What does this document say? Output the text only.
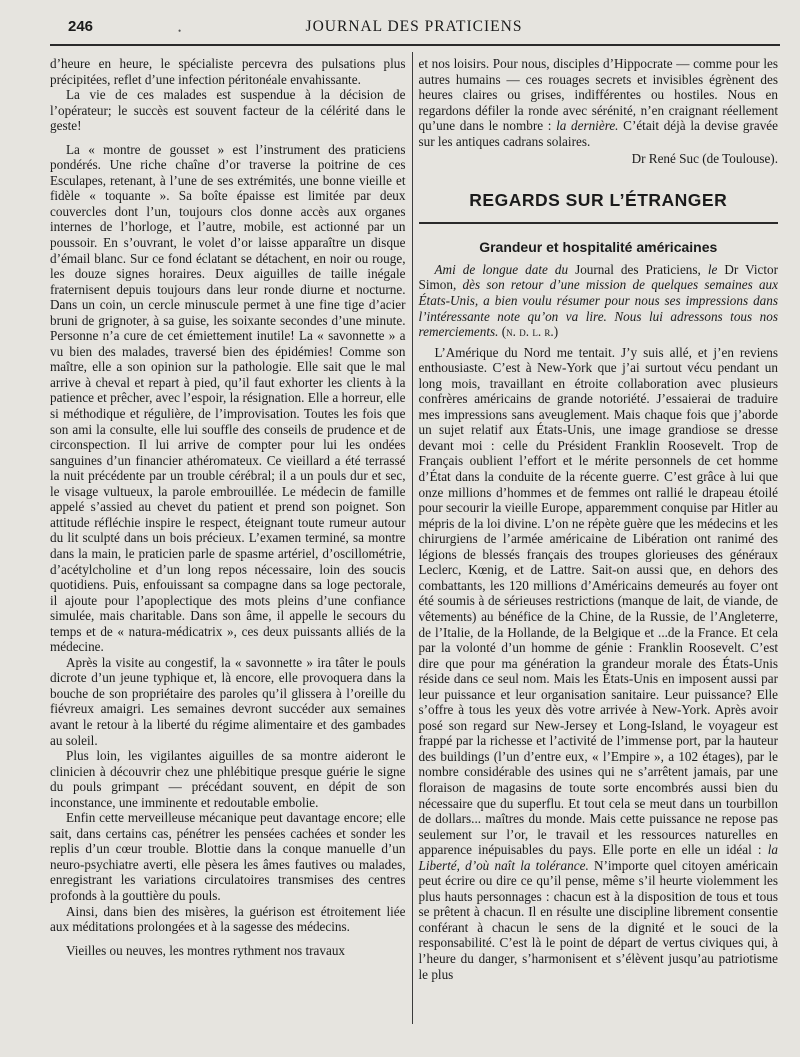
246	JOURNAL DES PRATICIENS
•

d’heure en heure, le spécialiste percevra des pulsations plus précipitées, reflet d’une infection péritonéale envahissante.

La vie de ces malades est suspendue à la décision de l’opérateur; le succès est souvent facteur de la célérité dans le geste!

La « montre de gousset » est l’instrument des praticiens pondérés. Une riche chaîne d’or traverse la poitrine de ces Esculapes, retenant, à l’une de ses extrémités, une bonne vieille et fidèle « toquante ». Sa boîte épaisse est limitée par deux couvercles dont l’un, toujours clos donne accès aux organes internes de l’horloge, et l’autre, mobile, est actionné par un poussoir. En s’ouvrant, le volet d’or laisse apparaître un disque d’émail blanc. Sur ce fond éclatant se détachent, en noir ou rouge, les douze signes horaires. Deux aiguilles de taille inégale fraternisent depuis toujours dans leur ronde diurne et nocturne. Dans un coin, un cercle minuscule permet à une fine tige d’acier bruni de grignoter, à sa guise, les soixante secondes d’une minute. Personne n’a cure de cet émiettement inutile! La « savonnette » a vu bien des malades, traversé bien des épidémies! Comme son maître, elle a son opinion sur la pathologie. Elle sait que le mal arrive à cheval et repart à pied, qu’il faut exhorter les clients à la patience et prêcher, avec l’espoir, la résignation. Elle a horreur, elle si méthodique et régulière, de l’improvisation. Toutes les fois que son ami la consulte, elle lui souffle des conseils de prudence et de circonspection. Il lui arrive de compter pour lui les ondées sanguines d’un financier athéromateux. Ce vieillard a été terrassé la nuit précédente par un trouble cérébral; il a un pouls dur et sec, le visage vultueux, la parole embrouillée. Le médecin de famille appelé s’assied au chevet du patient et prend son poignet. Son attitude réfléchie inspire le respect, éteignant toute rumeur autour du lit sculpté dans un bois précieux. L’examen terminé, sa montre dans la main, le praticien parle de spasme artériel, d’oscillométrie, d’acétylcholine et d’un long repos nécessaire, loin des soucis quotidiens. Puis, enfouissant sa compagne dans sa loge pectorale, il ajoute pour l’apoplectique des mots pleins d’une confiance simulée, mais charitable. Dans son âme, il appelle le secours du temps et de « natura-médicatrix », ces deux puissants alliés de la médecine.

Après la visite au congestif, la « savonnette » ira tâter le pouls dicrote d’un jeune typhique et, là encore, elle provoquera dans la bouche de son propriétaire des paroles qu’il glissera à l’oreille du fiévreux amaigri. Les semaines devront succéder aux semaines avant le retour à la liberté du régime alimentaire et des gambades au soleil.

Plus loin, les vigilantes aiguilles de sa montre aideront le clinicien à découvrir chez une phlébitique presque guérie le signe du pouls grimpant — précédant souvent, en dépit de son inconstance, une imminente et redoutable embolie.

Enfin cette merveilleuse mécanique peut davantage encore; elle sait, dans certains cas, pénétrer les pensées cachées et sonder les replis d’un cœur trouble. Blottie dans la conque manuelle d’un neuro-psychiatre averti, elle pèsera les âmes fautives ou malades, enregistrant les variations circulatoires transmises des centres profonds à la gouttière du pouls.

Ainsi, dans bien des misères, la guérison est étroitement liée aux méditations prolongées et à la sagesse des médecins.

Vieilles ou neuves, les montres rythment nos travaux

et nos loisirs. Pour nous, disciples d’Hippocrate — comme pour les autres humains — ces rouages secrets et invisibles égrènent des heures claires ou grises, indifférentes ou hostiles. Nous en regardons défiler la ronde avec sérénité, n’en craignant réellement qu’une dans le nombre : la dernière. C’était déjà la devise gravée sur les antiques cadrans solaires.

Dr René Suc (de Toulouse).

REGARDS SUR L’ÉTRANGER
Grandeur et hospitalité américaines

Ami de longue date du Journal des Praticiens, le Dr Victor Simon, dès son retour d’une mission de quelques semaines aux États-Unis, a bien voulu résumer pour nous ses impressions dans l’intéressante note qu’on va lire. Nous lui adressons tous nos remerciements. (n. d. l. r.)

L’Amérique du Nord me tentait. J’y suis allé, et j’en reviens enthousiaste. C’est à New-York que j’ai surtout vécu pendant un long mois, travaillant en étroite collaboration avec plusieurs confrères américains de grande notoriété. J’essaierai de traduire mes impressions sans aveuglement. Mais chaque fois que j’aborde un sujet relatif aux États-Unis, une image grandiose se dresse devant moi : celle du Président Franklin Roosevelt. Trop de Français oublient l’effort et le mérite personnels de cet homme d’État dans la conduite de la récente guerre. C’est grâce à lui que onze millions d’hommes et de femmes ont rallié le drapeau étoilé pour secourir la vieille Europe, apparemment conquise par Hitler au mépris de la loi divine. L’on ne répète guère que les médecins et les chirurgiens de l’armée américaine de Libération ont ranimé des légions de blessés français des troupes glorieuses des généraux Leclerc, Kœnig, et de Lattre. Sait-on aussi que, en dehors des combattants, les 120 millions d’Américains demeurés au foyer ont été soumis à de sérieuses restrictions (manque de lait, de viande, de vêtements) au bénéfice de la Chine, de la Russie, de l’Angleterre, de l’Italie, de la Hollande, de la Belgique et ...de la France. Et cela par la volonté d’un homme de génie : Franklin Roosevelt. C’est dire que pour ma génération la grandeur morale des États-Unis réside dans ce seul nom. Mais les États-Unis en imposent aussi par leur puissance et leur organisation sanitaire. Leur puissance? Elle s’offre à tous les yeux dès votre arrivée à New-York. Après avoir posé son regard sur New-Jersey et Long-Island, le voyageur est frappé par la richesse et l’activité de l’immense port, par la hauteur des buildings (l’un d’entre eux, « l’Empire », a 102 étages), par le nombre considérable des usines qui ne s’arrêtent jamais, par une floraison de magasins de toute sorte encombrés aussi bien du nécessaire que du superflu. Et tout cela se meut dans un tourbillon de dollars... maîtres du monde. Mais cette puissance ne repose pas seulement sur l’or, le travail et les ressources naturelles en apparence inépuisables du pays. Elle porte en elle un idéal : la Liberté, d’où naît la tolérance. N’importe quel citoyen américain peut écrire ou dire ce qu’il pense, même s’il heurte violemment les plus hauts personnages : chacun est à la disposition de tous et tous se prêtent à chacun. Il en résulte une discipline librement consentie conférant à chacun le sens de la dignité et le souci de la responsabilité. C’est là le point de départ de vertus civiques qui, à l’heure du danger, s’harmonisent et s’élèvent jusqu’au patriotisme le plus
